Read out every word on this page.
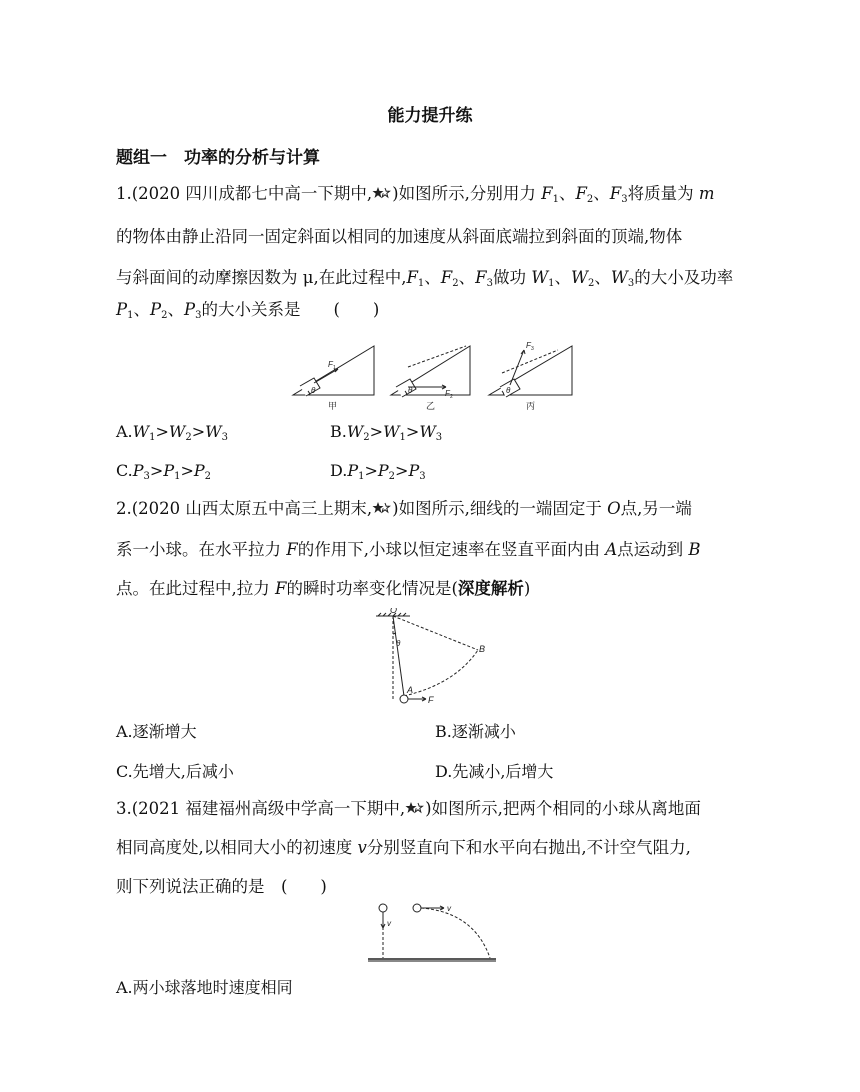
能力提升练
题组一　功率的分析与计算
1.(2020 四川成都七中高一下期中, )如图所示,分别用力 $F_1$、$F_2$、$F_3$将质量为 m
的物体由静止沿同一固定斜面以相同的加速度从斜面底端拉到斜面的顶端,物体
与斜面间的动摩擦因数为 μ,在此过程中$,F_1$、$F_2$、$F_3$做功 $W_1$、$W_2$、$W_3$的大小及功率
$P_1$、$P_2$、$P_3$的大小关系是　　(　　)
F 1
θ	F 2
θ
F 3
θ
甲	乙	丙
$A.W_1>W_2>W_3$	$B.W_2>W_1>W_3$
$C.P_3>P_1>P_2$	$D.P_1>P_2>P_3$
2.(2020 山西太原五中高三上期末, )如图所示,细线的一端固定于 O点,另一端
系一小球。在水平拉力 F的作用下,小球以恒定速率在竖直平面内由 A点运动到 B
点。在此过程中,拉力 F的瞬时功率变化情况是(深度解析)
O
θ
B
A
F
A.逐渐增大	B.逐渐减小
C.先增大,后减小	D.先减小,后增大
3.(2021 福建福州高级中学高一下期中, )如图所示,把两个相同的小球从离地面
相同高度处,以相同大小的初速度 v分别竖直向下和水平向右抛出,不计空气阻力,
则下列说法正确的是　(　　)
v
v
A.两小球落地时速度相同
